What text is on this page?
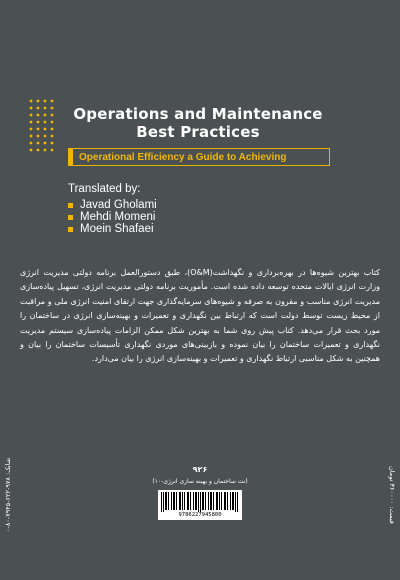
Operations and Maintenance
Best Practices
Operational Efficiency a Guide to Achieving
Translated by:
Javad Gholami
Mehdi Momeni
Moein Shafaei
کتاب بهترین شیوه‌ها در بهره‌برداری و نگهداشت(O&M)، طبق دستورالعمل برنامه دولتی مدیریت انرژی وزارت انرژی ایالات متحده توسعه داده شده است. مأموریت برنامه دولتی مدیریت انرژی، تسهیل پیاده‌سازی مدیریت انرژی مناسب و مقرون به صرفه و شیوه‌های سرمایه‌گذاری جهت ارتقای امنیت انرژی ملی و مراقبت از محیط زیست توسط دولت است که ارتباط بین نگهداری و تعمیرات و بهینه‌سازی انرژی در ساختمان را مورد بحث قرار می‌دهد. کتاب پیش روی شما به بهترین شکل ممکن الزامات پیاده‌سازی سیستم مدیریت نگهداری و تعمیرات ساختمان را بیان نموده و بازبینی‌های موردی نگهداری تأسیسات ساختمان را بیان و همچنین به شکل مناسبی ارتباط نگهداری و تعمیرات و بهینه‌سازی انرژی را بیان می‌دارد.
شابک: ۹۷۸-۶۲۲-۷۹۴۵-۸۰-۰	قیمت: ۳۶۰۰۰۰ تومان
۹۲۶
(نت ساختمان و بهینه سازی انرژی-۱۰)
9786227945800
